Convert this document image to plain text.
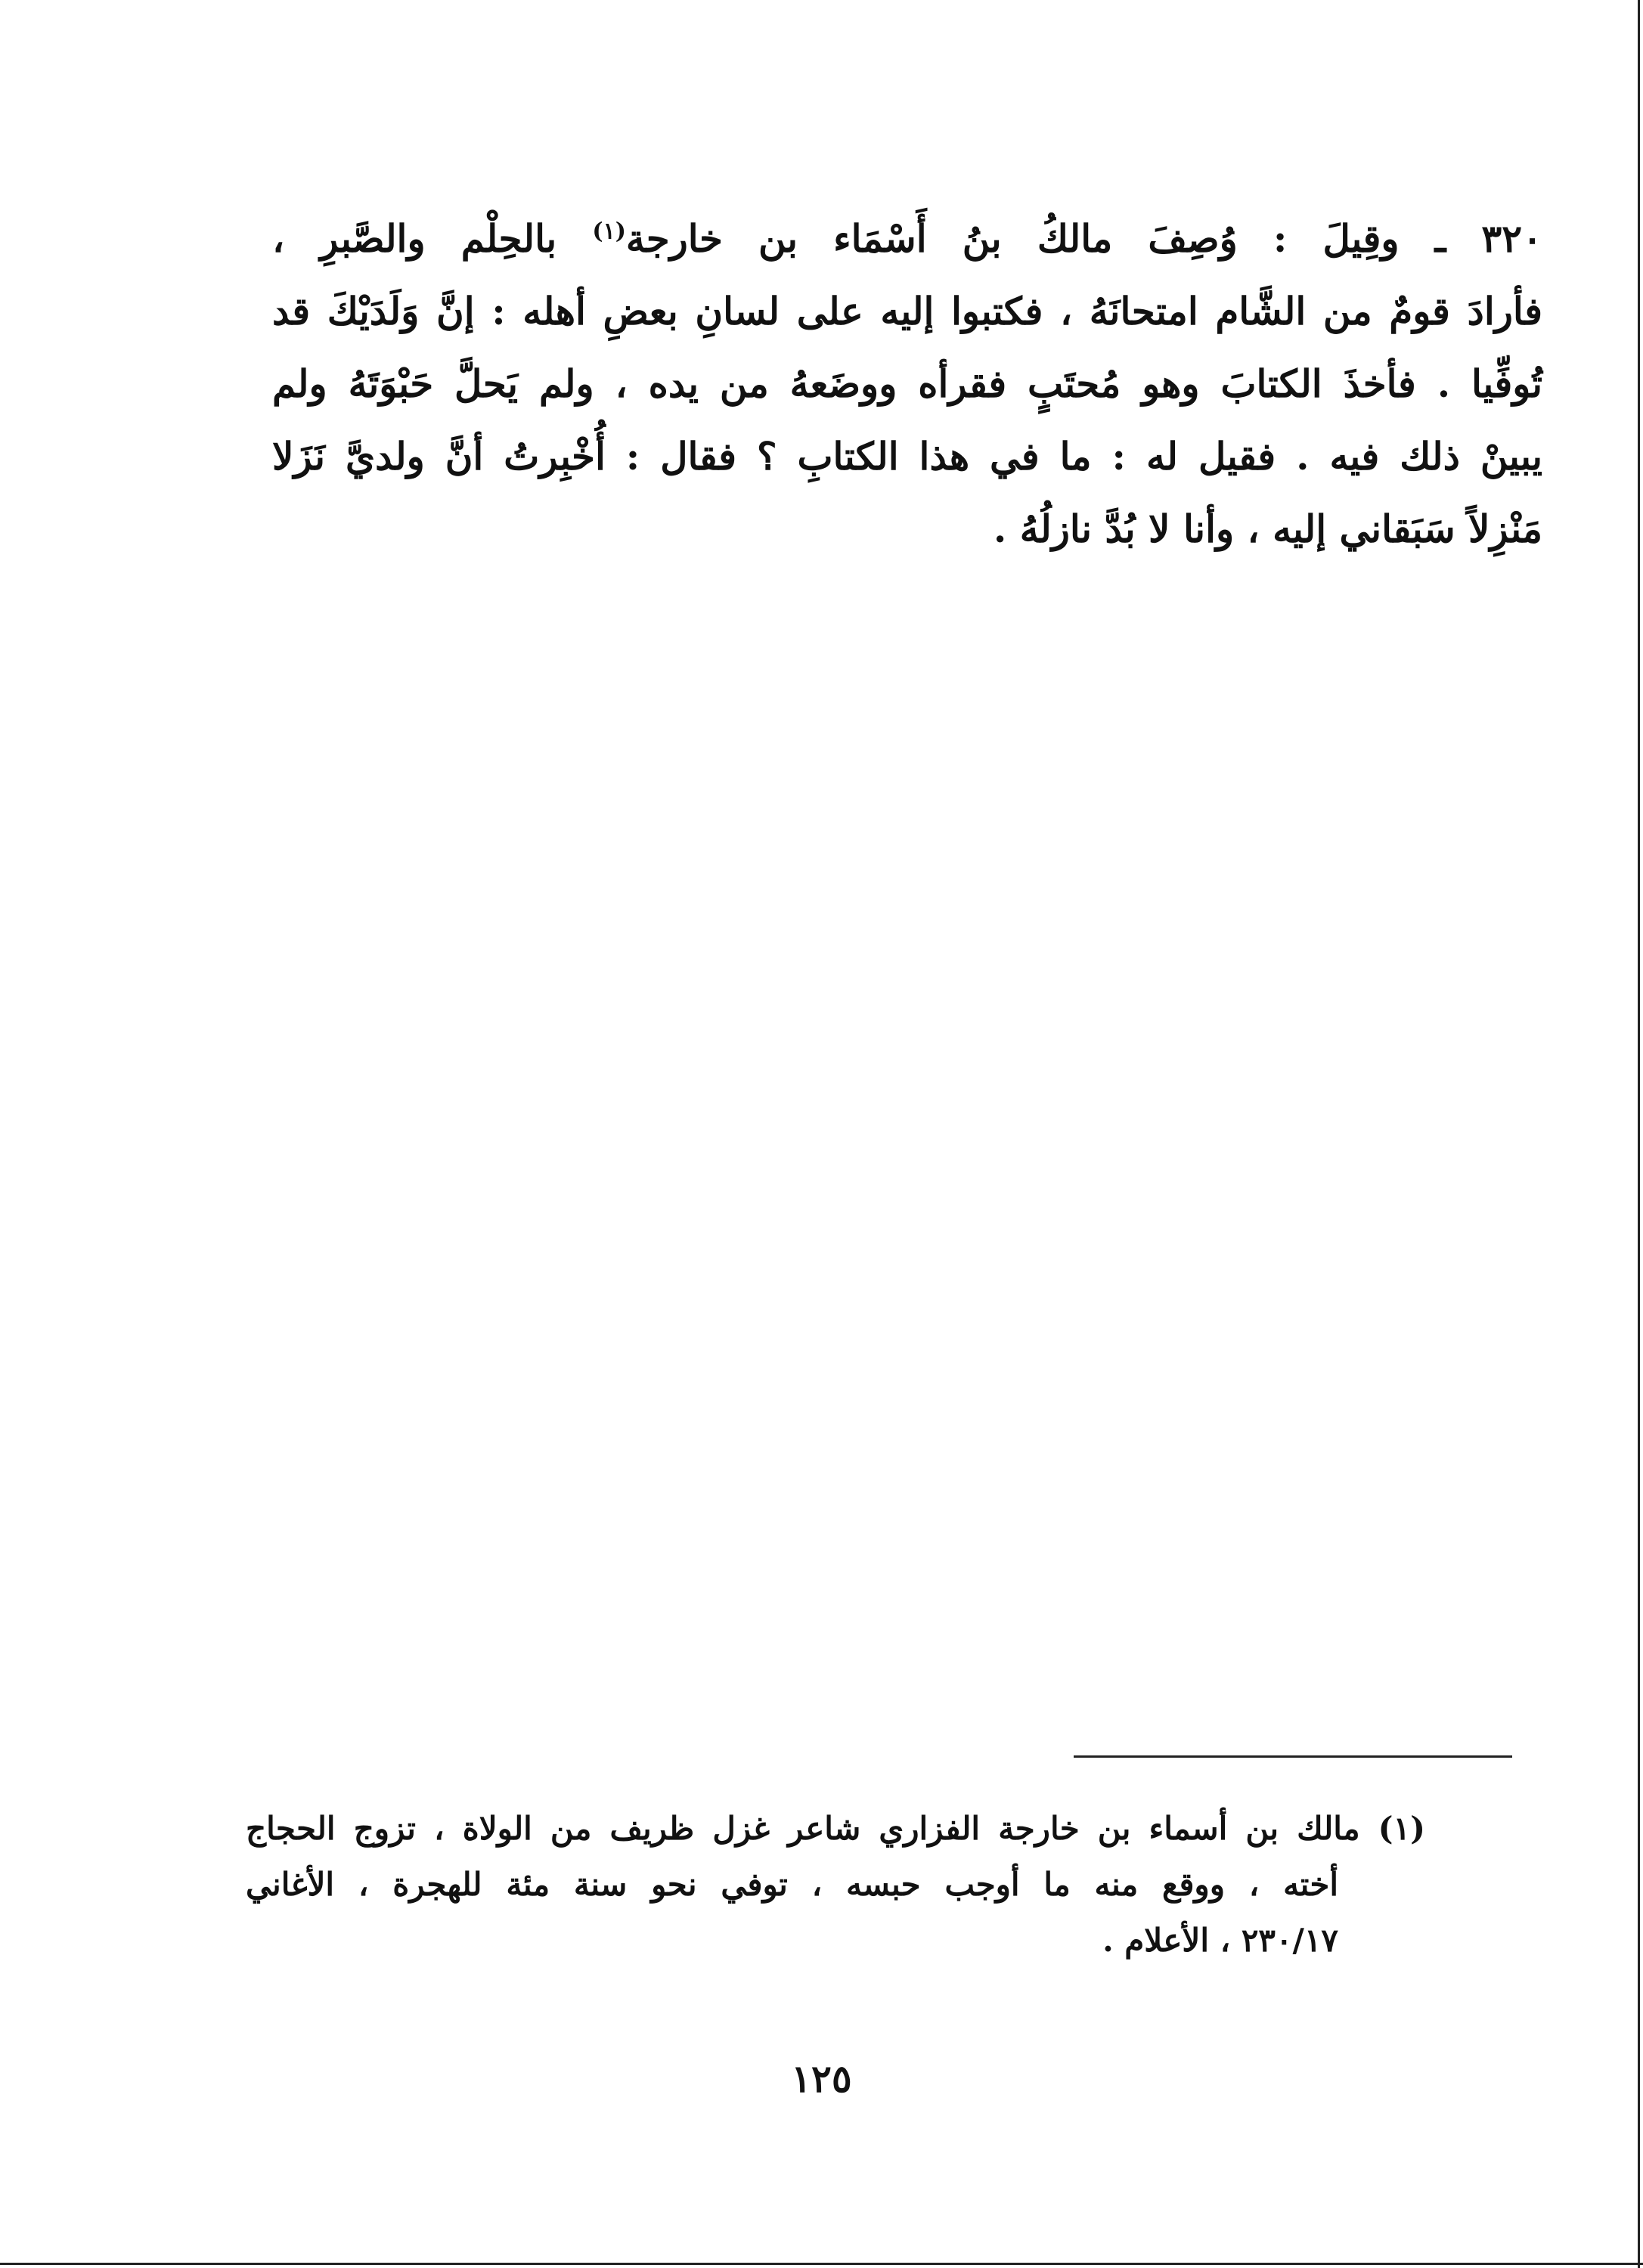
٣٢٠ ـ وقِيلَ : وُصِفَ مالكُ بنُ أَسْمَاء بن خارجة$^{(١)}$ بالحِلْم والصَّبرِ ،
فأرادَ قومٌ من الشَّام امتحانَهُ ، فكتبوا إليه على لسانِ بعضِ أهله : إنَّ وَلَدَيْكَ قد
تُوفِّيا . فأخذَ الكتابَ وهو مُحتَبٍ فقرأه ووضَعهُ من يده ، ولم يَحلَّ حَبْوَتَهُ ولم
يبينْ ذلك فيه . فقيل له : ما في هذا الكتابِ ؟ فقال : أُخْبِرتُ أنَّ ولديَّ نَزَلا
مَنْزِلاً سَبَقاني إليه ، وأنا لا بُدَّ نازلُهُ .
(١) مالك بن أسماء بن خارجة الفزاري شاعر غزل ظريف من الولاة ، تزوج الحجاج
أخته ، ووقع منه ما أوجب حبسه ، توفي نحو سنة مئة للهجرة ، الأغاني
٢٣٠/١٧ ، الأعلام .
١٢٥
